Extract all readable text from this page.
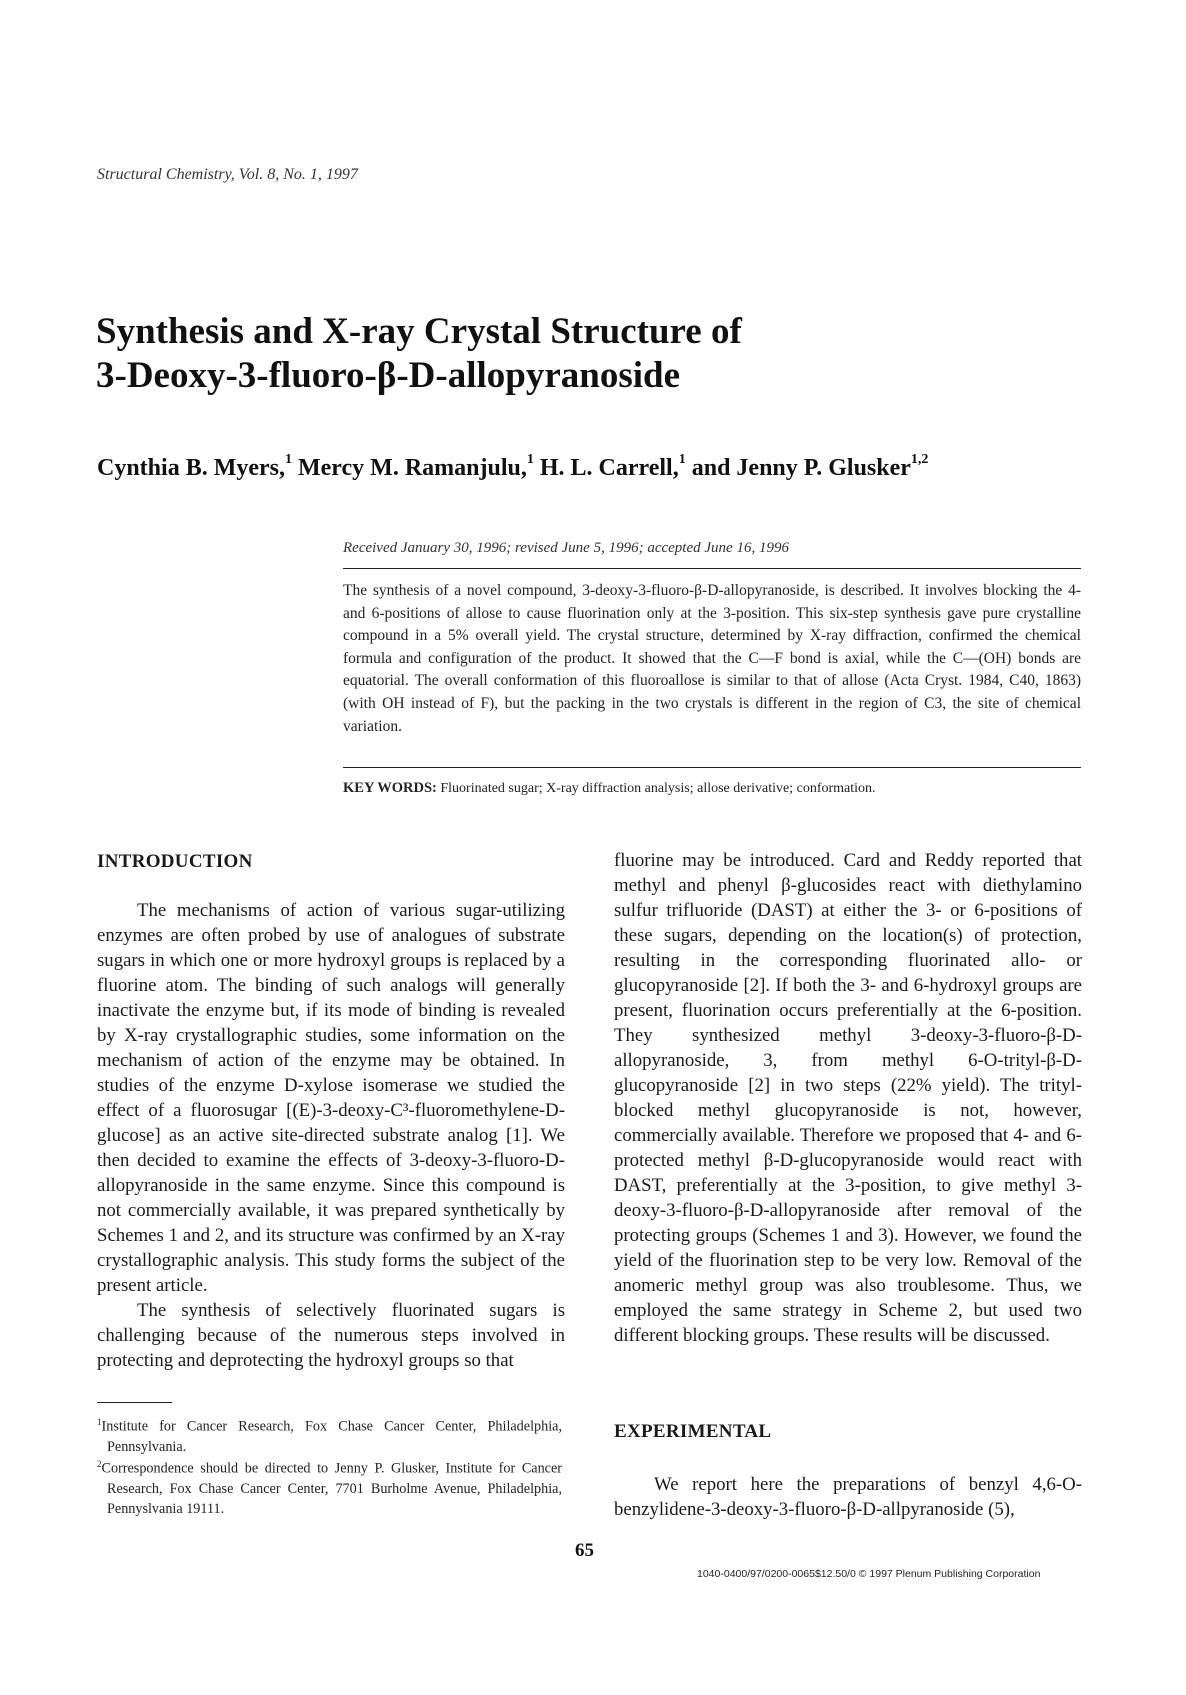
Structural Chemistry, Vol. 8, No. 1, 1997
Synthesis and X-ray Crystal Structure of
3-Deoxy-3-fluoro-β-D-allopyranoside
Cynthia B. Myers,$^1$ Mercy M. Ramanjulu,$^1$ H. L. Carrell,$^1$ and Jenny P. Glusker$^{1,2}$
Received January 30, 1996; revised June 5, 1996; accepted June 16, 1996

The synthesis of a novel compound, 3-deoxy-3-fluoro-β-D-allopyranoside, is described. It involves blocking the 4- and 6-positions of allose to cause fluorination only at the 3-position. This six-step synthesis gave pure crystalline compound in a 5% overall yield. The crystal structure, determined by X-ray diffraction, confirmed the chemical formula and configuration of the product. It showed that the C—F bond is axial, while the C—(OH) bonds are equatorial. The overall conformation of this fluoroallose is similar to that of allose (Acta Cryst. 1984, C40, 1863) (with OH instead of F), but the packing in the two crystals is different in the region of C3, the site of chemical variation.

KEY WORDS: Fluorinated sugar; X-ray diffraction analysis; allose derivative; conformation.
INTRODUCTION

The mechanisms of action of various sugar-utilizing enzymes are often probed by use of analogues of substrate sugars in which one or more hydroxyl groups is replaced by a fluorine atom. The binding of such analogs will generally inactivate the enzyme but, if its mode of binding is revealed by X-ray crystallographic studies, some information on the mechanism of action of the enzyme may be obtained. In studies of the enzyme D-xylose isomerase we studied the effect of a fluorosugar [(E)-3-deoxy-C³-fluoromethylene-D-glucose] as an active site-directed substrate analog [1]. We then decided to examine the effects of 3-deoxy-3-fluoro-D-allopyranoside in the same enzyme. Since this compound is not commercially available, it was prepared synthetically by Schemes 1 and 2, and its structure was confirmed by an X-ray crystallographic analysis. This study forms the subject of the present article.

The synthesis of selectively fluorinated sugars is challenging because of the numerous steps involved in protecting and deprotecting the hydroxyl groups so that

$^1$Institute for Cancer Research, Fox Chase Cancer Center, Philadelphia, Pennsylvania.
$^2$Correspondence should be directed to Jenny P. Glusker, Institute for Cancer Research, Fox Chase Cancer Center, 7701 Burholme Avenue, Philadelphia, Pennyslvania 19111.

fluorine may be introduced. Card and Reddy reported that methyl and phenyl β-glucosides react with diethylamino sulfur trifluoride (DAST) at either the 3- or 6-positions of these sugars, depending on the location(s) of protection, resulting in the corresponding fluorinated allo- or glucopyranoside [2]. If both the 3- and 6-hydroxyl groups are present, fluorination occurs preferentially at the 6-position. They synthesized methyl 3-deoxy-3-fluoro-β-D-allopyranoside, 3, from methyl 6-O-trityl-β-D-glucopyranoside [2] in two steps (22% yield). The trityl-blocked methyl glucopyranoside is not, however, commercially available. Therefore we proposed that 4- and 6-protected methyl β-D-glucopyranoside would react with DAST, preferentially at the 3-position, to give methyl 3-deoxy-3-fluoro-β-D-allopyranoside after removal of the protecting groups (Schemes 1 and 3). However, we found the yield of the fluorination step to be very low. Removal of the anomeric methyl group was also troublesome. Thus, we employed the same strategy in Scheme 2, but used two different blocking groups. These results will be discussed.

EXPERIMENTAL

We report here the preparations of benzyl 4,6-O-benzylidene-3-deoxy-3-fluoro-β-D-allpyranoside (5),

65
1040-0400/97/0200-0065$12.50/0 © 1997 Plenum Publishing Corporation
